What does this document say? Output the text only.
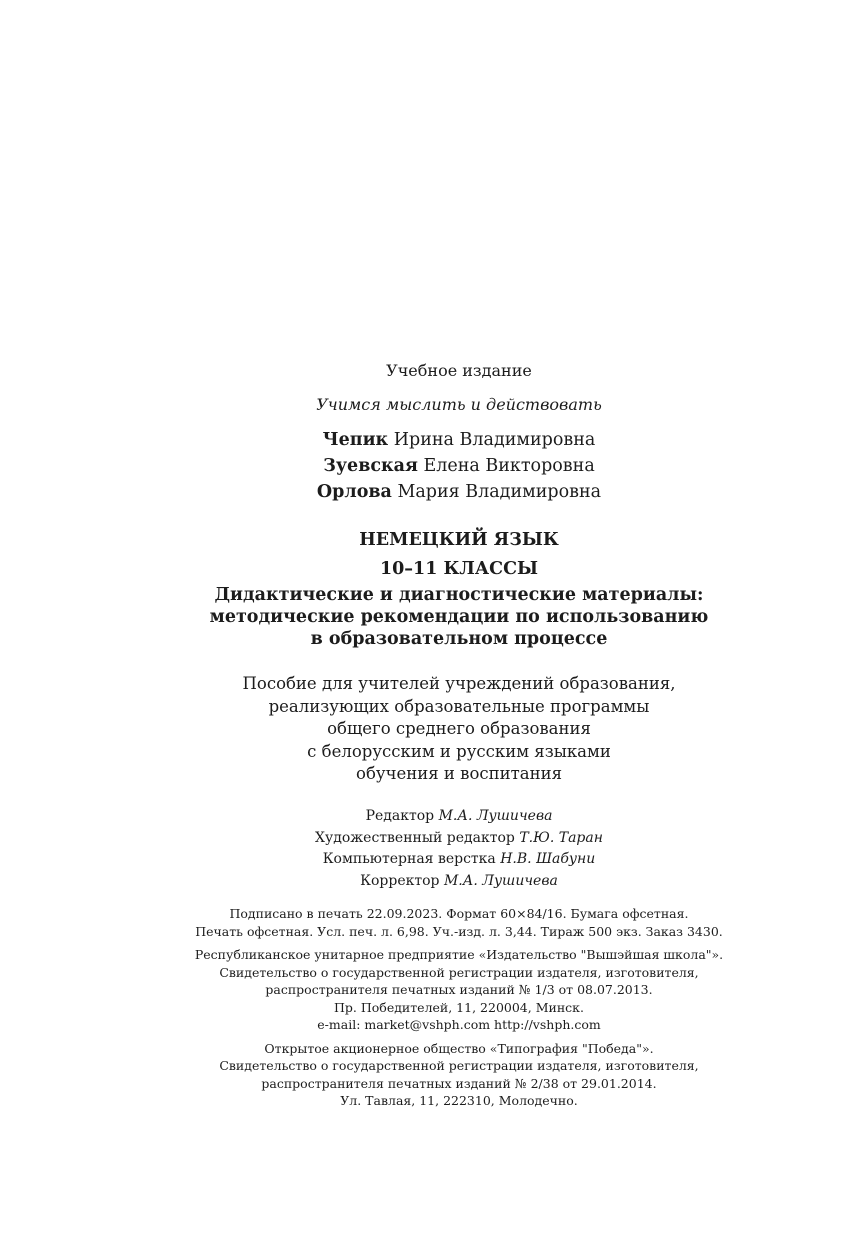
Учебное издание
Учимся мыслить и действовать
Чепик Ирина Владимировна
Зуевская Елена Викторовна
Орлова Мария Владимировна
НЕМЕЦКИЙ ЯЗЫК
10–11 КЛАССЫ
Дидактические и диагностические материалы:
методические рекомендации по использованию
в образовательном процессе
Пособие для учителей учреждений образования,
реализующих образовательные программы
общего среднего образования
с белорусским и русским языками
обучения и воспитания
Редактор М.А. Лушичева
Художественный редактор Т.Ю. Таран
Компьютерная верстка Н.В. Шабуни
Корректор М.А. Лушичева
Подписано в печать 22.09.2023. Формат 60×84/16. Бумага офсетная.
Печать офсетная. Усл. печ. л. 6,98. Уч.-изд. л. 3,44. Тираж 500 экз. Заказ 3430.
Республиканское унитарное предприятие «Издательство "Вышэйшая школа"».
Свидетельство о государственной регистрации издателя, изготовителя,
распространителя печатных изданий № 1/3 от 08.07.2013.
Пр. Победителей, 11, 220004, Минск.
e-mail: market@vshph.com http://vshph.com
Открытое акционерное общество «Типография "Победа"».
Свидетельство о государственной регистрации издателя, изготовителя,
распространителя печатных изданий № 2/38 от 29.01.2014.
Ул. Тавлая, 11, 222310, Молодечно.
